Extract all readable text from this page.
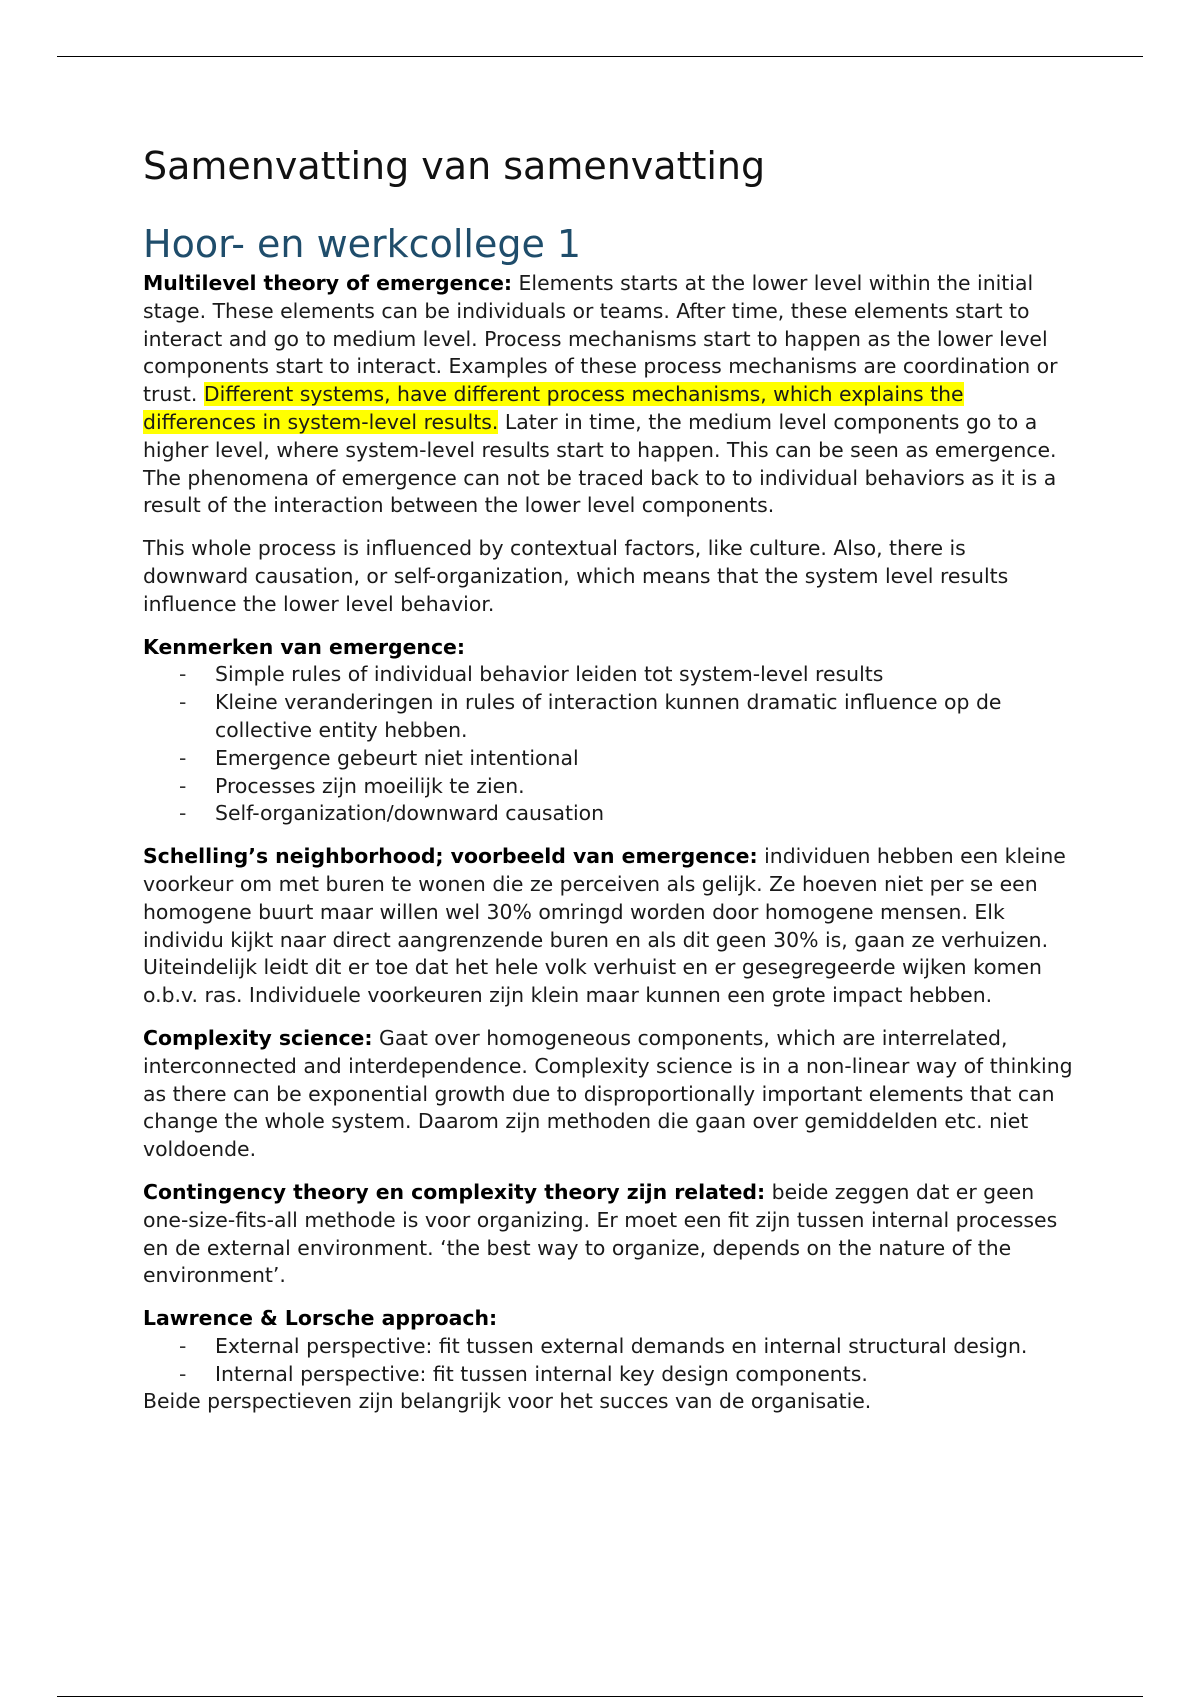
Samenvatting van samenvatting
Hoor- en werkcollege 1

Multilevel theory of emergence: Elements starts at the lower level within the initial stage. These elements can be individuals or teams. After time, these elements start to interact and go to medium level. Process mechanisms start to happen as the lower level components start to interact. Examples of these process mechanisms are coordination or trust. Different systems, have different process mechanisms, which explains the differences in system-level results. Later in time, the medium level components go to a higher level, where system-level results start to happen. This can be seen as emergence. The phenomena of emergence can not be traced back to to individual behaviors as it is a result of the interaction between the lower level components.

This whole process is influenced by contextual factors, like culture. Also, there is downward causation, or self-organization, which means that the system level results influence the lower level behavior.

Kenmerken van emergence:

- Simple rules of individual behavior leiden tot system-level results
- Kleine veranderingen in rules of interaction kunnen dramatic influence op de collective entity hebben.
- Emergence gebeurt niet intentional
- Processes zijn moeilijk te zien.
- Self-organization/downward causation

Schelling’s neighborhood; voorbeeld van emergence: individuen hebben een kleine voorkeur om met buren te wonen die ze perceiven als gelijk. Ze hoeven niet per se een homogene buurt maar willen wel 30% omringd worden door homogene mensen. Elk individu kijkt naar direct aangrenzende buren en als dit geen 30% is, gaan ze verhuizen. Uiteindelijk leidt dit er toe dat het hele volk verhuist en er gesegregeerde wijken komen o.b.v. ras. Individuele voorkeuren zijn klein maar kunnen een grote impact hebben.

Complexity science: Gaat over homogeneous components, which are interrelated, interconnected and interdependence. Complexity science is in a non-linear way of thinking as there can be exponential growth due to disproportionally important elements that can change the whole system. Daarom zijn methoden die gaan over gemiddelden etc. niet voldoende.

Contingency theory en complexity theory zijn related: beide zeggen dat er geen one-size-fits-all methode is voor organizing. Er moet een fit zijn tussen internal processes en de external environment. ‘the best way to organize, depends on the nature of the environment’.

Lawrence & Lorsche approach:

- External perspective: fit tussen external demands en internal structural design.
- Internal perspective: fit tussen internal key design components.

Beide perspectieven zijn belangrijk voor het succes van de organisatie.
